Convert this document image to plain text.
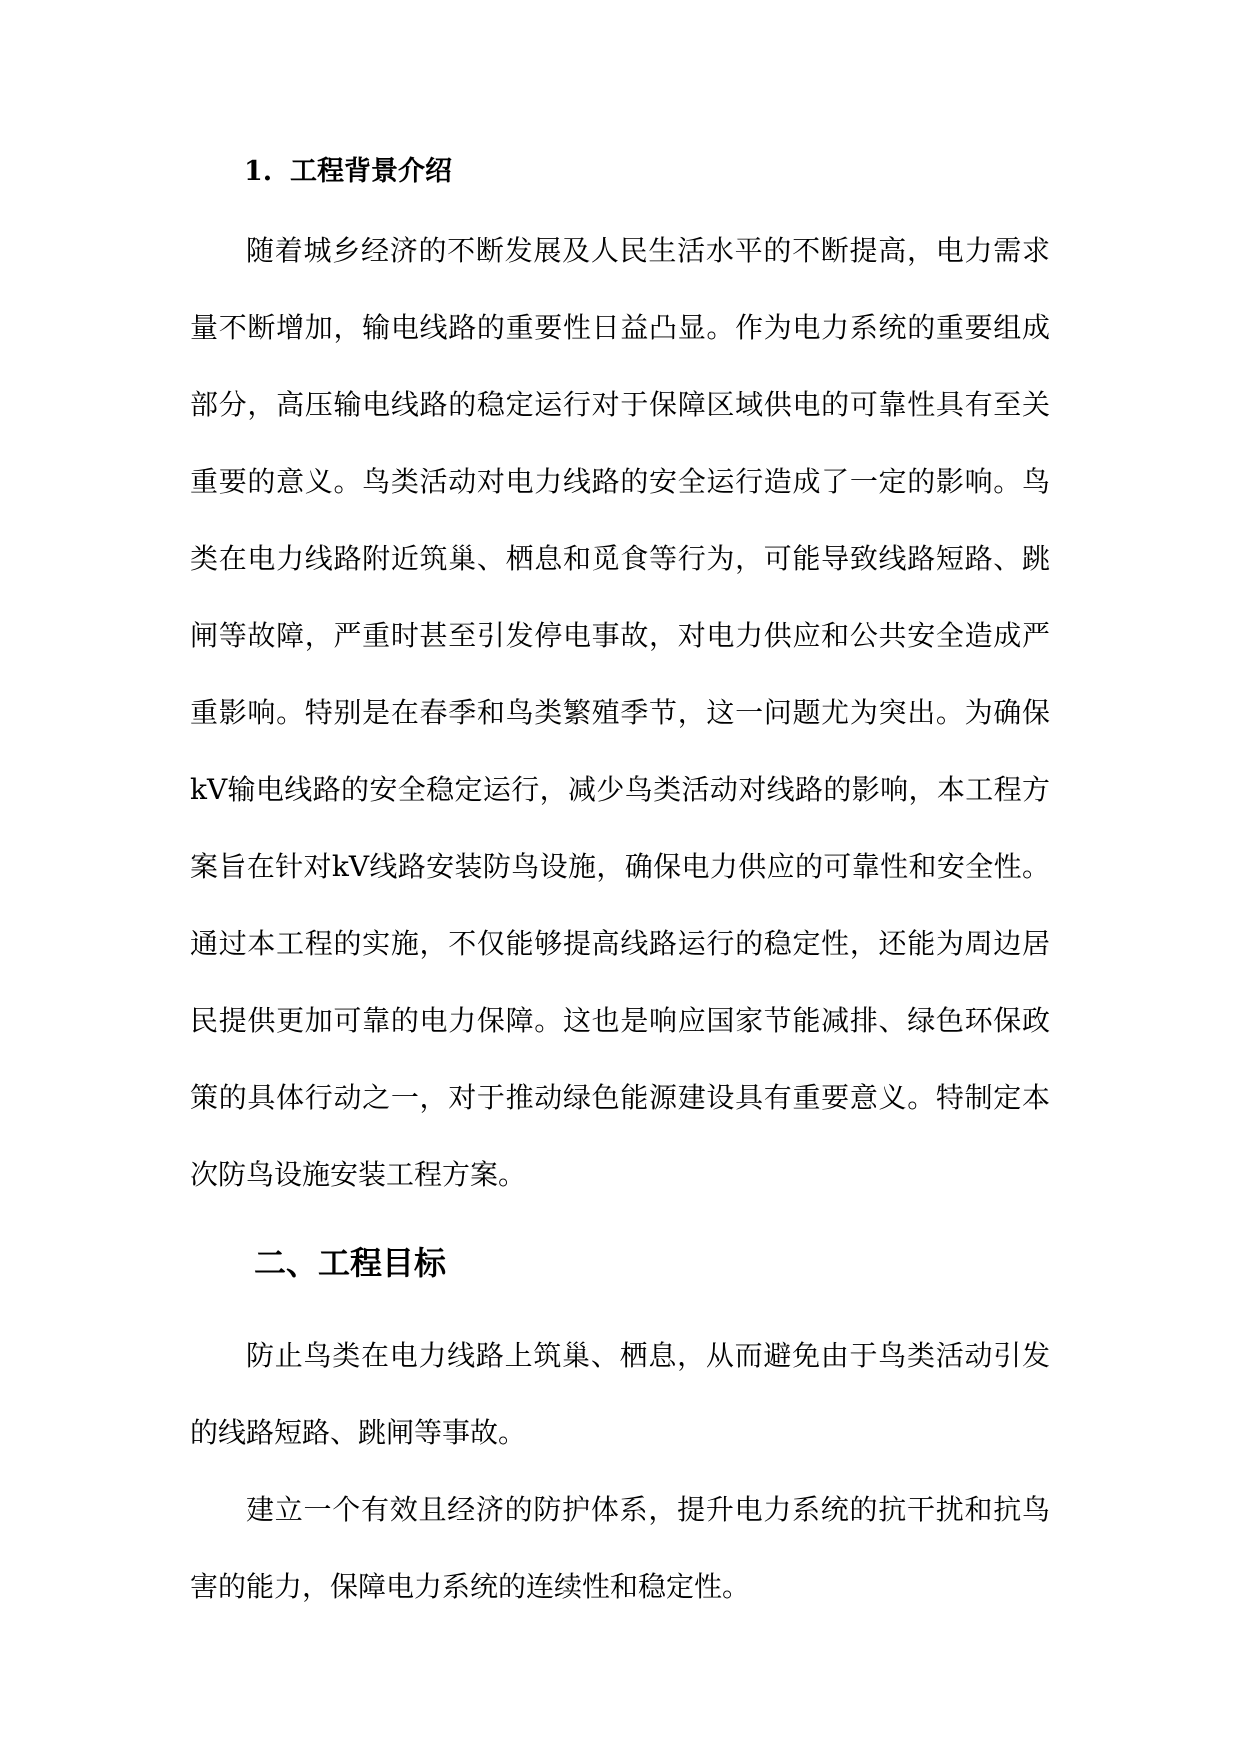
1. 工程背景介绍

随着城乡经济的不断发展及人民生活水平的不断提高，电力需求量不断增加，输电线路的重要性日益凸显。作为电力系统的重要组成部分，高压输电线路的稳定运行对于保障区域供电的可靠性具有至关重要的意义。鸟类活动对电力线路的安全运行造成了一定的影响。鸟类在电力线路附近筑巢、栖息和觅食等行为，可能导致线路短路、跳闸等故障，严重时甚至引发停电事故，对电力供应和公共安全造成严重影响。特别是在春季和鸟类繁殖季节，这一问题尤为突出。为确保kV输电线路的安全稳定运行，减少鸟类活动对线路的影响，本工程方案旨在针对kV线路安装防鸟设施，确保电力供应的可靠性和安全性。通过本工程的实施，不仅能够提高线路运行的稳定性，还能为周边居民提供更加可靠的电力保障。这也是响应国家节能减排、绿色环保政策的具体行动之一，对于推动绿色能源建设具有重要意义。特制定本次防鸟设施安装工程方案。

二、工程目标

防止鸟类在电力线路上筑巢、栖息，从而避免由于鸟类活动引发的线路短路、跳闸等事故。

建立一个有效且经济的防护体系，提升电力系统的抗干扰和抗鸟害的能力，保障电力系统的连续性和稳定性。
